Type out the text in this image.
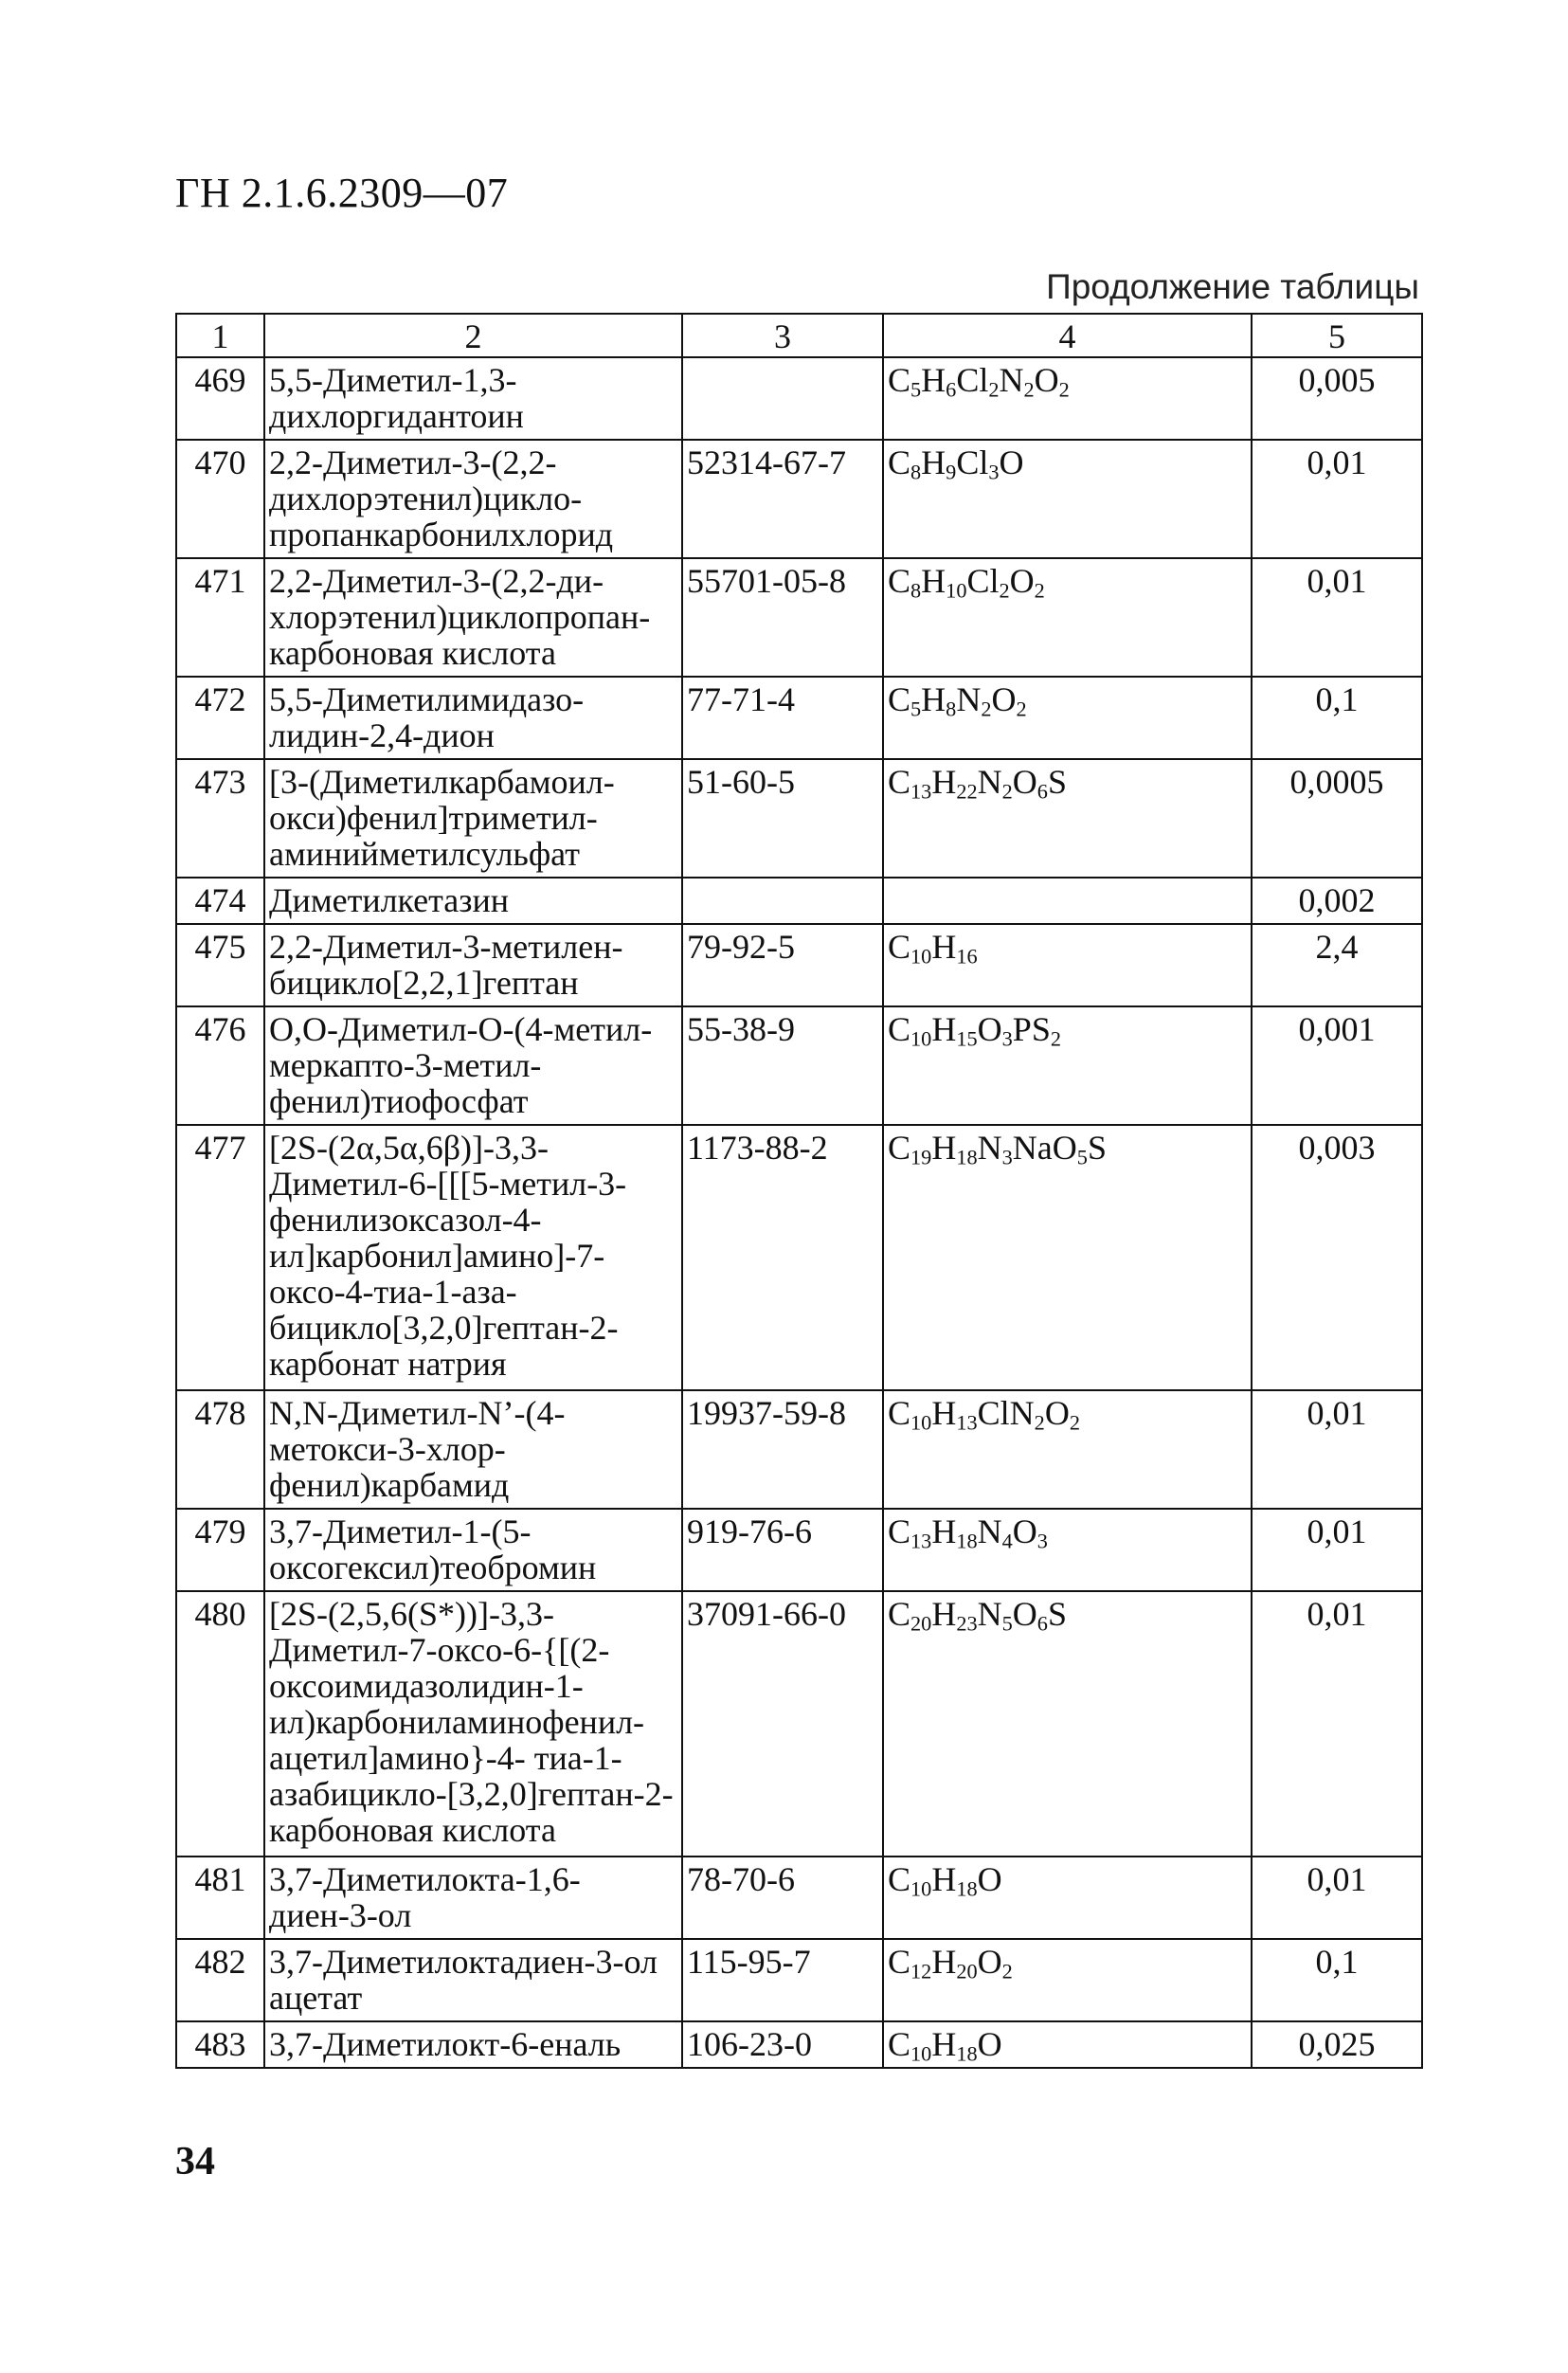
ГН 2.1.6.2309—07
Продолжение таблицы
1	2	3	4	5
469	5,5-Диметил-1,3-дихлоргидантоин		$C_5H_6Cl_2N_2O_2$	0,005
470	2,2-Диметил-3-(2,2-дихлорэтенил)цикло-пропанкарбонилхлорид	52314-67-7	$C_8H_9Cl_3O$	0,01
471	2,2-Диметил-3-(2,2-ди-хлорэтенил)циклопропан-карбоновая кислота	55701-05-8	$C_8H_{10}Cl_2O_2$	0,01
472	5,5-Диметилимидазо-лидин-2,4-дион	77-71-4	$C_5H_8N_2O_2$	0,1
473	[3-(Диметилкарбамоил-окси)фенил]триметил-аминийметилсульфат	51-60-5	$C_{13}H_{22}N_2O_6S$	0,0005
474	Диметилкетазин			0,002
475	2,2-Диметил-3-метилен-бицикло[2,2,1]гептан	79-92-5	$C_{10}H_{16}$	2,4
476	O,O-Диметил-O-(4-метил-меркапто-3-метил-фенил)тиофосфат	55-38-9	$C_{10}H_{15}O_3PS_2$	0,001
477	[2S-(2α,5α,6β)]-3,3-Диметил-6-[[[5-метил-3-фенилизоксазол-4-ил]карбонил]амино]-7-оксо-4-тиа-1-аза-бицикло[3,2,0]гептан-2-карбонат натрия	1173-88-2	$C_{19}H_{18}N_3NaO_5S$	0,003
478	N,N-Диметил-N’-(4-метокси-3-хлор-фенил)карбамид	19937-59-8	$C_{10}H_{13}ClN_2O_2$	0,01
479	3,7-Диметил-1-(5-оксогексил)теобромин	919-76-6	$C_{13}H_{18}N_4O_3$	0,01
480	[2S-(2,5,6(S*))]-3,3-Диметил-7-оксо-6-{[(2-оксоимидазолидин-1-ил)карбониламинофенил-ацетил]амино}-4- тиа-1-азабицикло-[3,2,0]гептан-2-карбоновая кислота	37091-66-0	$C_{20}H_{23}N_5O_6S$	0,01
481	3,7-Диметилокта-1,6-диен-3-ол	78-70-6	$C_{10}H_{18}O$	0,01
482	3,7-Диметилоктадиен-3-ол ацетат	115-95-7	$C_{12}H_{20}O_2$	0,1
483	3,7-Диметилокт-6-еналь	106-23-0	$C_{10}H_{18}O$	0,025
34
